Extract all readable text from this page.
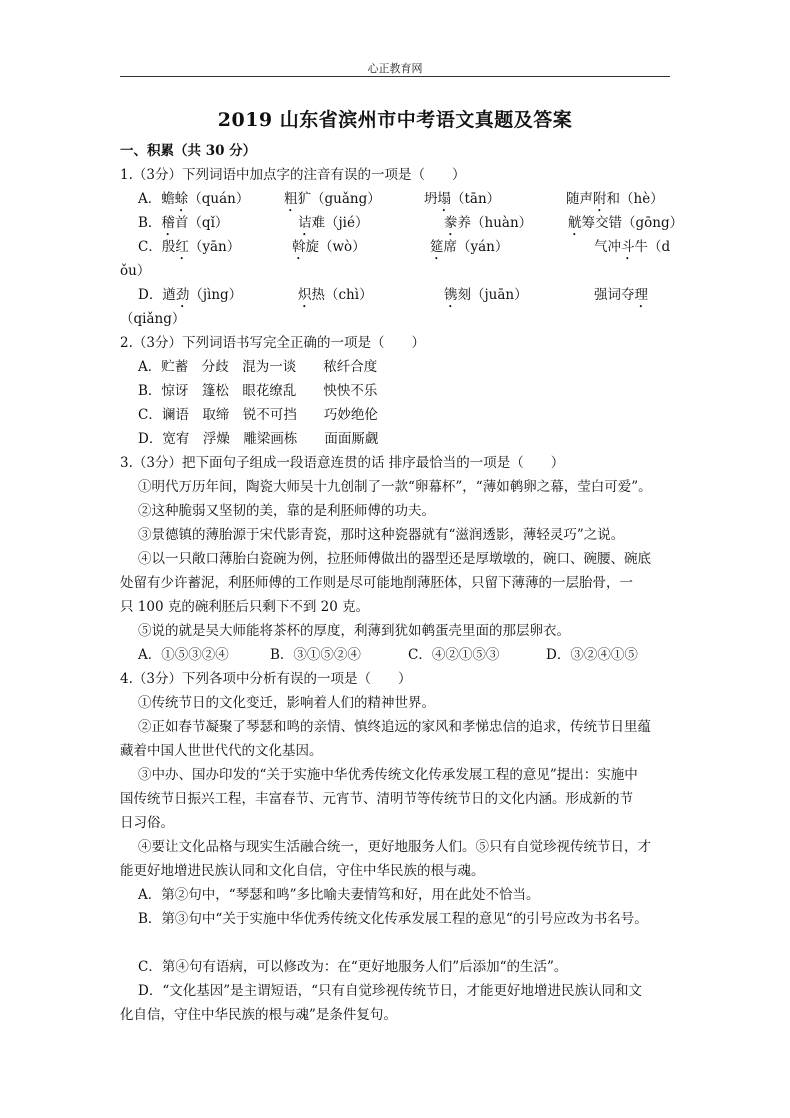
心正教育网
2019 山东省滨州市中考语文真题及答案
一、积累（共 30 分）
1.（3分）下列词语中加点字的注音有误的一项是（　　）
A．蟾蜍（quán）	粗犷（guǎng）	坍塌（tān）	随声附和（hè）
B．稽首（qǐ）	诘难（jié）	豢养（huàn）	觥筹交错（gōng）
C．殷红（yān）	斡旋（wò）	筵席（yán）	气冲斗牛（d
ǒu）
D．遒劲（jìng）	炽热（chì）	镌刻（juān）	强词夺理
（qiǎng）
2.（3分）下列词语书写完全正确的一项是（　　）
A．贮蓄　分歧　混为一谈　　秾纤合度
B．惊讶　篷松　眼花缭乱　　怏怏不乐
C．谰语　取缔　锐不可挡　　巧妙绝伦
D．宽宥　浮燥　雕梁画栋　　面面厮觑
3.（3分）把下面句子组成一段语意连贯的话 排序最恰当的一项是（　　）
①明代万历年间，陶瓷大师吴十九创制了一款“卵幕杯”，“薄如鹌卵之幕，莹白可爱”。
②这种脆弱又坚韧的美，靠的是利胚师傅的功夫。
③景德镇的薄胎源于宋代影青瓷，那时这种瓷器就有“滋润透影，薄轻灵巧”之说。
④以一只敞口薄胎白瓷碗为例，拉胚师傅做出的器型还是厚墩墩的，碗口、碗腰、碗底
处留有少许蓄泥，利胚师傅的工作则是尽可能地削薄胚体，只留下薄薄的一层胎骨，一
只 100 克的碗利胚后只剩下不到 20 克。
⑤说的就是吴大师能将茶杯的厚度，利薄到犹如鹌蛋壳里面的那层卵衣。
A．①⑤③②④	B．③①⑤②④	C．④②①⑤③	D．③②④①⑤
4.（3分）下列各项中分析有误的一项是（　　）
①传统节日的文化变迁，影响着人们的精神世界。
②正如春节凝聚了琴瑟和鸣的亲情、慎终追远的家风和孝悌忠信的追求，传统节日里蕴
藏着中国人世世代代的文化基因。
③中办、国办印发的“关于实施中华优秀传统文化传承发展工程的意见”提出：实施中
国传统节日振兴工程，丰富春节、元宵节、清明节等传统节日的文化内涵。形成新的节
日习俗。
④要让文化品格与现实生活融合统一，更好地服务人们。⑤只有自觉珍视传统节日，才
能更好地增进民族认同和文化自信，守住中华民族的根与魂。
A．第②句中，“琴瑟和鸣”多比喻夫妻情笃和好，用在此处不恰当。
B．第③句中“关于实施中华优秀传统文化传承发展工程的意见“的引号应改为书名号。
C．第④句有语病，可以修改为：在“更好地服务人们”后添加“的生活”。
D．“文化基因”是主谓短语，“只有自觉珍视传统节日，才能更好地增进民族认同和文
化自信，守住中华民族的根与魂”是条件复句。
